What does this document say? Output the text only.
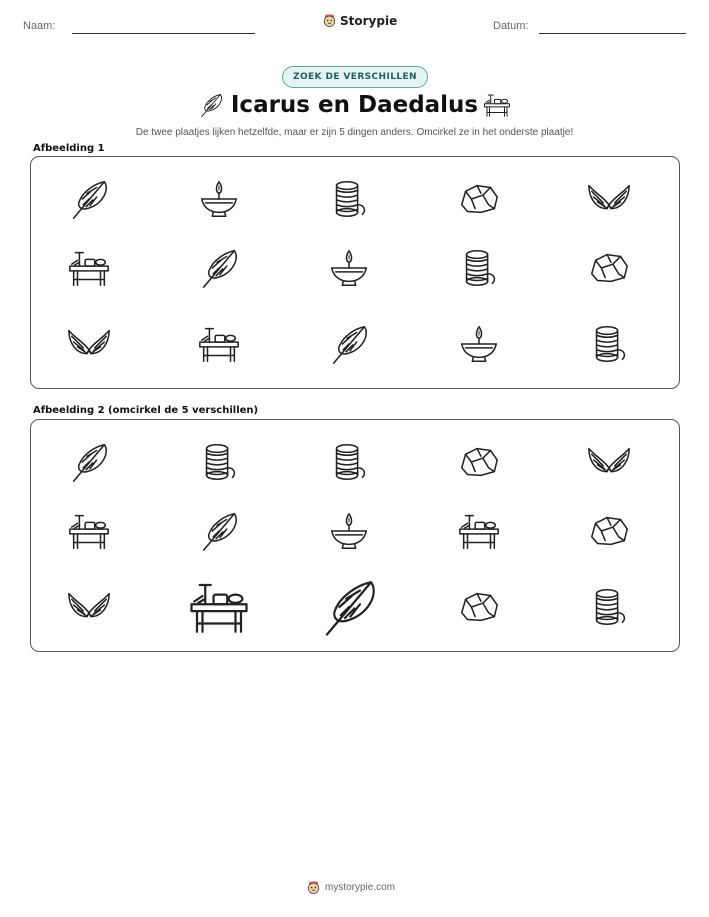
Naam:	Storypie	Datum:
ZOEK DE VERSCHILLEN
Icarus en Daedalus
De twee plaatjes lijken hetzelfde, maar er zijn 5 dingen anders. Omcirkel ze in het onderste plaatje!
Afbeelding 1
Afbeelding 2 (omcirkel de 5 verschillen)
mystorypie.com
